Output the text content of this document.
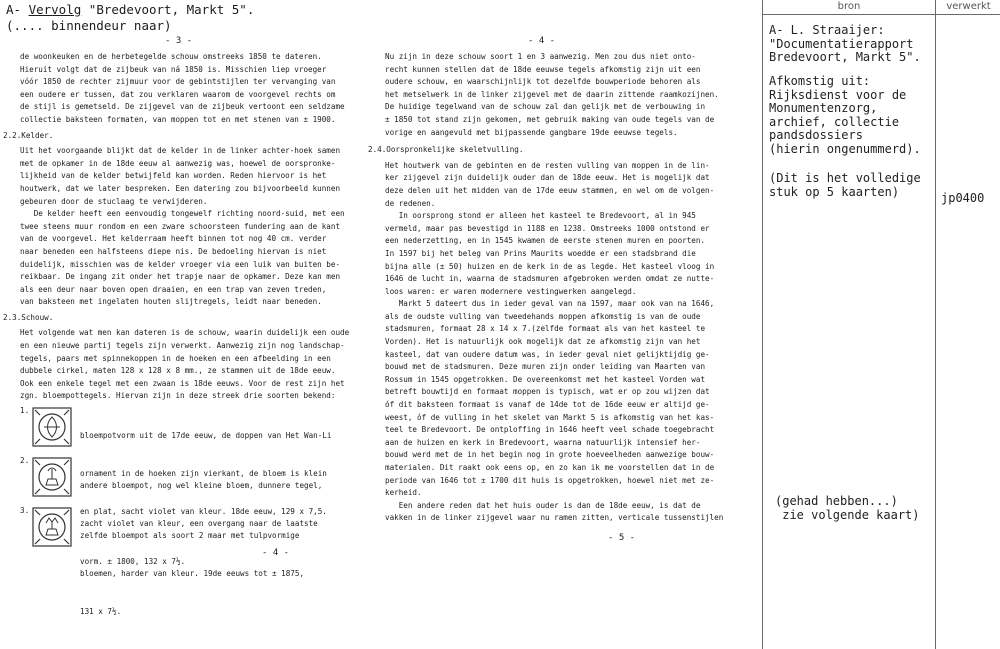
A- Vervolg "Bredevoort, Markt 5".
(.... binnendeur naar)
- 3 -	- 4 -

de woonkeuken en de herbetegelde schouw omstreeks 1850 te dateren.

Hieruit volgt dat de zijbeuk van ná 1850 is. Misschien liep vroeger

vóór 1850 de rechter zijmuur voor de gebintstijlen ter vervanging van

een oudere er tussen, dat zou verklaren waarom de voorgevel rechts om

de stijl is gemetseld. De zijgevel van de zijbeuk vertoont een seldzame

collectie baksteen formaten, van moppen tot en met stenen van ± 1900.

2.2.Kelder.

Uit het voorgaande blijkt dat de kelder in de linker achter-hoek samen

met de opkamer in de 18de eeuw al aanwezig was, hoewel de oorspronke-

lijkheid van de kelder betwijfeld kan worden. Reden hiervoor is het

houtwerk, dat we later bespreken. Een datering zou bijvoorbeeld kunnen

gebeuren door de stuclaag te verwijderen.

De kelder heeft een eenvoudig tongewelf richting noord-suid, met een

twee steens muur rondom en een zware schoorsteen fundering aan de kant

van de voorgevel. Het kelderraam heeft binnen tot nog 40 cm. verder

naar beneden een halfsteens diepe nis. De bedoeling hiervan is niet

duidelijk, misschien was de kelder vroeger via een luik van buiten be-

reikbaar. De ingang zit onder het trapje naar de opkamer. Deze kan men

als een deur naar boven open draaien, en een trap van zeven treden,

van baksteen met ingelaten houten slijtregels, leidt naar beneden.

2.3.Schouw.

Het volgende wat men kan dateren is de schouw, waarin duidelijk een oude

en een nieuwe partij tegels zijn verwerkt. Aanwezig zijn nog landschap-

tegels, paars met spinnekoppen in de hoeken en een afbeelding in een

dubbele cirkel, maten 128 x 128 x 8 mm., ze stammen uit de 18de eeuw.

Ook een enkele tegel met een zwaan is 18de eeuws. Voor de rest zijn het

zgn. bloempottegels. Hiervan zijn in deze streek drie soorten bekend:

1.

bloempotvorm uit de 17de eeuw, de doppen van Het Wan-Li

ornament in de hoeken zijn vierkant, de bloem is klein

en plat, sacht violet van kleur. 18de eeuw, 129 x 7,5.

2.

andere bloempot, nog wel kleine bloem, dunnere tegel,

zacht violet van kleur, een overgang naar de laatste

vorm. ± 1800, 132 x 7½.

3.

zelfde bloempot als soort 2 maar met tulpvormige

bloemen, harder van kleur. 19de eeuws tot ± 1875,

131 x 7½.

- 4 -

Nu zijn in deze schouw soort 1 en 3 aanwezig. Men zou dus niet onto-

recht kunnen stellen dat de 18de eeuwse tegels afkomstig zijn uit een

oudere schouw, en waarschijnlijk tot dezelfde bouwperiode behoren als

het metselwerk in de linker zijgevel met de daarin zittende raamkozijnen.

De huidige tegelwand van de schouw zal dan gelijk met de verbouwing in

± 1850 tot stand zijn gekomen, met gebruik making van oude tegels van de

vorige en aangevuld met bijpassende gangbare 19de eeuwse tegels.

2.4.Oorspronkelijke skeletvulling.

Het houtwerk van de gebinten en de resten vulling van moppen in de lin-

ker zijgevel zijn duidelijk ouder dan de 18de eeuw. Het is mogelijk dat

deze delen uit het midden van de 17de eeuw stammen, en wel om de volgen-

de redenen.

In oorsprong stond er alleen het kasteel te Bredevoort, al in 945

vermeld, maar pas bevestigd in 1188 en 1238. Omstreeks 1000 ontstond er

een nederzetting, en in 1545 kwamen de eerste stenen muren en poorten.

In 1597 bij het beleg van Prins Maurits woedde er een stadsbrand die

bijna alle (± 50) huizen en de kerk in de as legde. Het kasteel vloog in

1646 de lucht in, waarna de stadsmuren afgebroken werden omdat ze nutte-

loos waren: er waren modernere vestingwerken aangelegd.

Markt 5 dateert dus in ieder geval van na 1597, maar ook van na 1646,

als de oudste vulling van tweedehands moppen afkomstig is van de oude

stadsmuren, formaat 28 x 14 x 7.(zelfde formaat als van het kasteel te

Vorden). Het is natuurlijk ook mogelijk dat ze afkomstig zijn van het

kasteel, dat van oudere datum was, in ieder geval niet gelijktijdig ge-

bouwd met de stadsmuren. Deze muren zijn onder leiding van Maarten van

Rossum in 1545 opgetrokken. De overeenkomst met het kasteel Vorden wat

betreft bouwtijd en formaat moppen is typisch, wat er op zou wijzen dat

óf dit baksteen formaat is vanaf de 14de tot de 16de eeuw er altijd ge-

weest, óf de vulling in het skelet van Markt 5 is afkomstig van het kas-

teel te Bredevoort. De ontploffing in 1646 heeft veel schade toegebracht

aan de huizen en kerk in Bredevoort, waarna natuurlijk intensief her-

bouwd werd met de in het begin nog in grote hoeveelheden aanwezige bouw-

materialen. Dit raakt ook eens op, en zo kan ik me voorstellen dat in de

periode van 1646 tot ± 1700 dit huis is opgetrokken, hoewel niet met ze-

kerheid.

Een andere reden dat het huis ouder is dan de 18de eeuw, is dat de

vakken in de linker zijgevel waar nu ramen zitten, verticale tussenstijlen

- 5 -
bron	verwerkt
A- L. Straaijer:
"Documentatierapport
Bredevoort, Markt 5".
Afkomstig uit:
Rijksdienst voor de
Monumentenzorg,
archief, collectie
pandsdossiers
(hierin ongenummerd).
(Dit is het volledige
stuk op 5 kaarten)	jp0400
(gehad hebben...)
zie volgende kaart)
